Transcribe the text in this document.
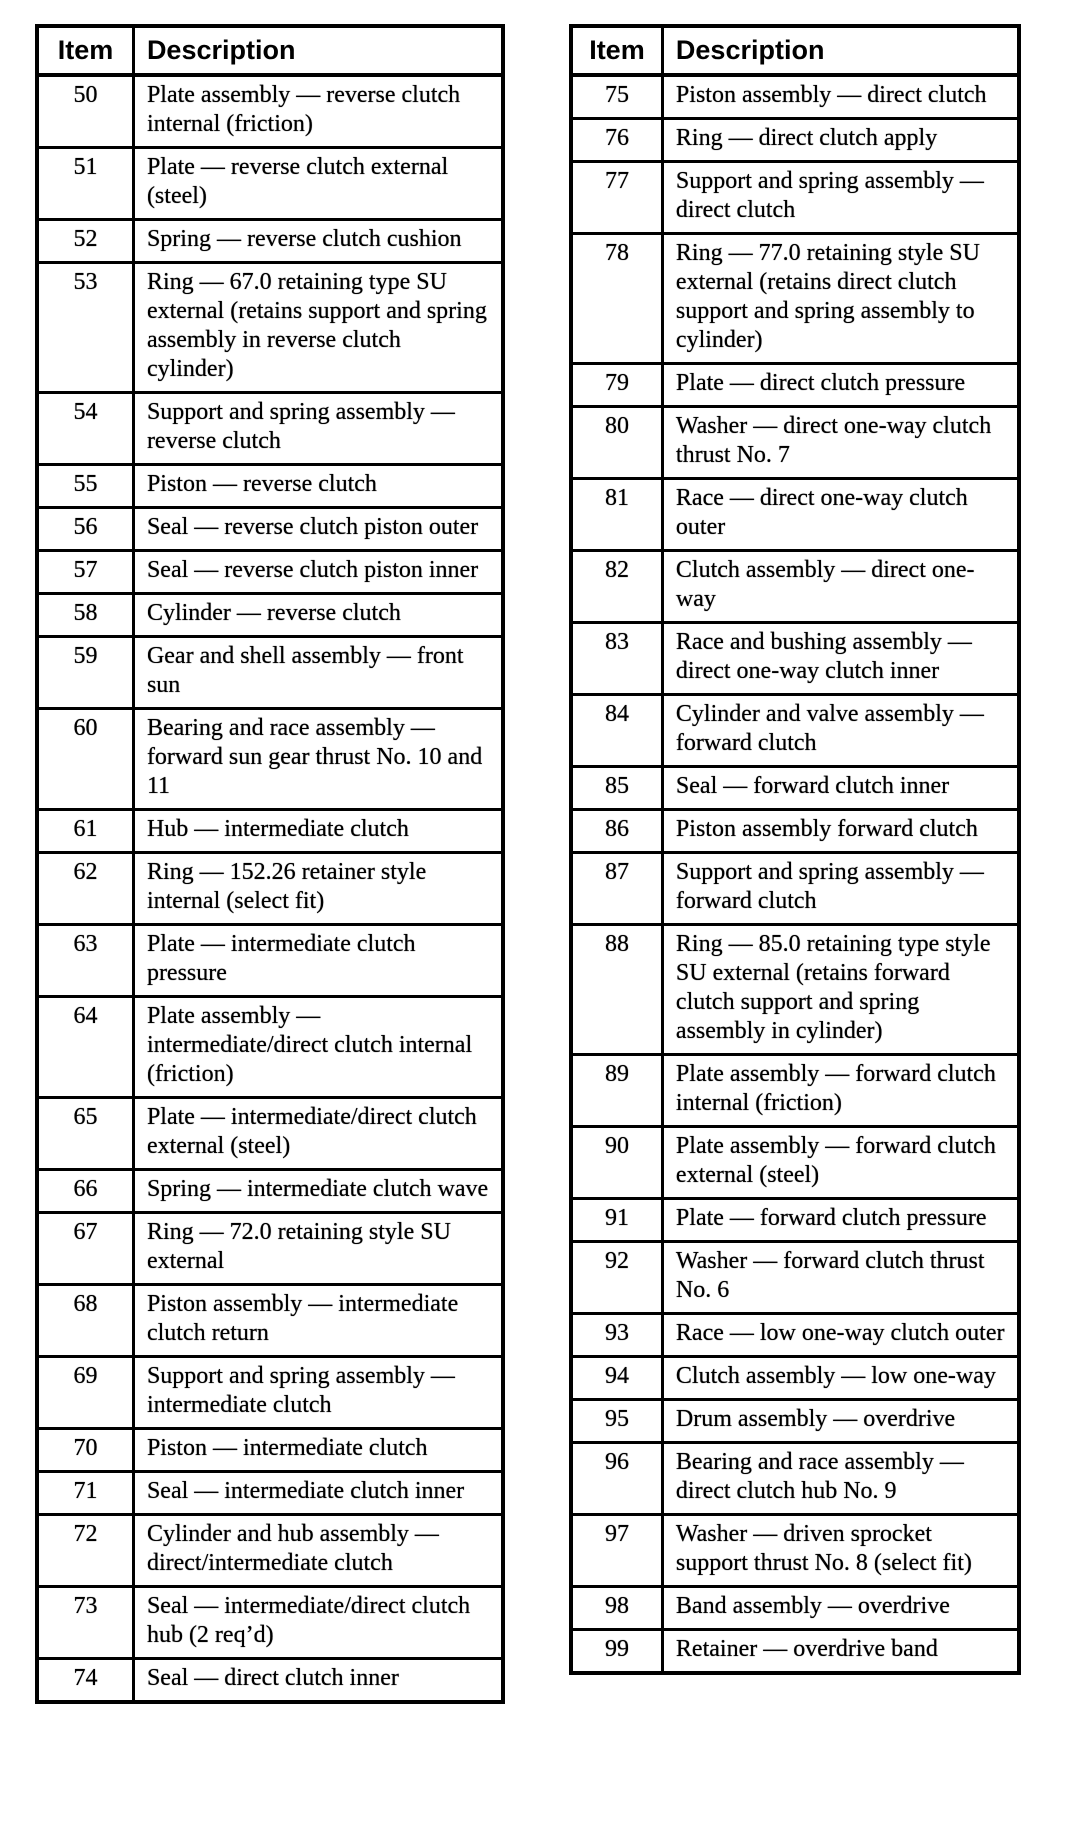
Item	Description
50	Plate assembly — reverse clutch internal (friction)
51	Plate — reverse clutch external (steel)
52	Spring — reverse clutch cushion
53	Ring — 67.0 retaining type SU external (retains support and spring assembly in reverse clutch cylinder)
54	Support and spring assembly — reverse clutch
55	Piston — reverse clutch
56	Seal — reverse clutch piston outer
57	Seal — reverse clutch piston inner
58	Cylinder — reverse clutch
59	Gear and shell assembly — front sun
60	Bearing and race assembly — forward sun gear thrust No. 10 and 11
61	Hub — intermediate clutch
62	Ring — 152.26 retainer style internal (select fit)
63	Plate — intermediate clutch pressure
64	Plate assembly — intermediate/direct clutch internal (friction)
65	Plate — intermediate/direct clutch external (steel)
66	Spring — intermediate clutch wave
67	Ring — 72.0 retaining style SU external
68	Piston assembly — intermediate clutch return
69	Support and spring assembly — intermediate clutch
70	Piston — intermediate clutch
71	Seal — intermediate clutch inner
72	Cylinder and hub assembly — direct/intermediate clutch
73	Seal — intermediate/direct clutch hub (2 req’d)
74	Seal — direct clutch inner
Item	Description
75	Piston assembly — direct clutch
76	Ring — direct clutch apply
77	Support and spring assembly — direct clutch
78	Ring — 77.0 retaining style SU external (retains direct clutch support and spring assembly to cylinder)
79	Plate — direct clutch pressure
80	Washer — direct one-way clutch thrust No. 7
81	Race — direct one-way clutch outer
82	Clutch assembly — direct one-way
83	Race and bushing assembly — direct one-way clutch inner
84	Cylinder and valve assembly — forward clutch
85	Seal — forward clutch inner
86	Piston assembly forward clutch
87	Support and spring assembly — forward clutch
88	Ring — 85.0 retaining type style SU external (retains forward clutch support and spring assembly in cylinder)
89	Plate assembly — forward clutch internal (friction)
90	Plate assembly — forward clutch external (steel)
91	Plate — forward clutch pressure
92	Washer — forward clutch thrust No. 6
93	Race — low one-way clutch outer
94	Clutch assembly — low one-way
95	Drum assembly — overdrive
96	Bearing and race assembly — direct clutch hub No. 9
97	Washer — driven sprocket support thrust No. 8 (select fit)
98	Band assembly — overdrive
99	Retainer — overdrive band
